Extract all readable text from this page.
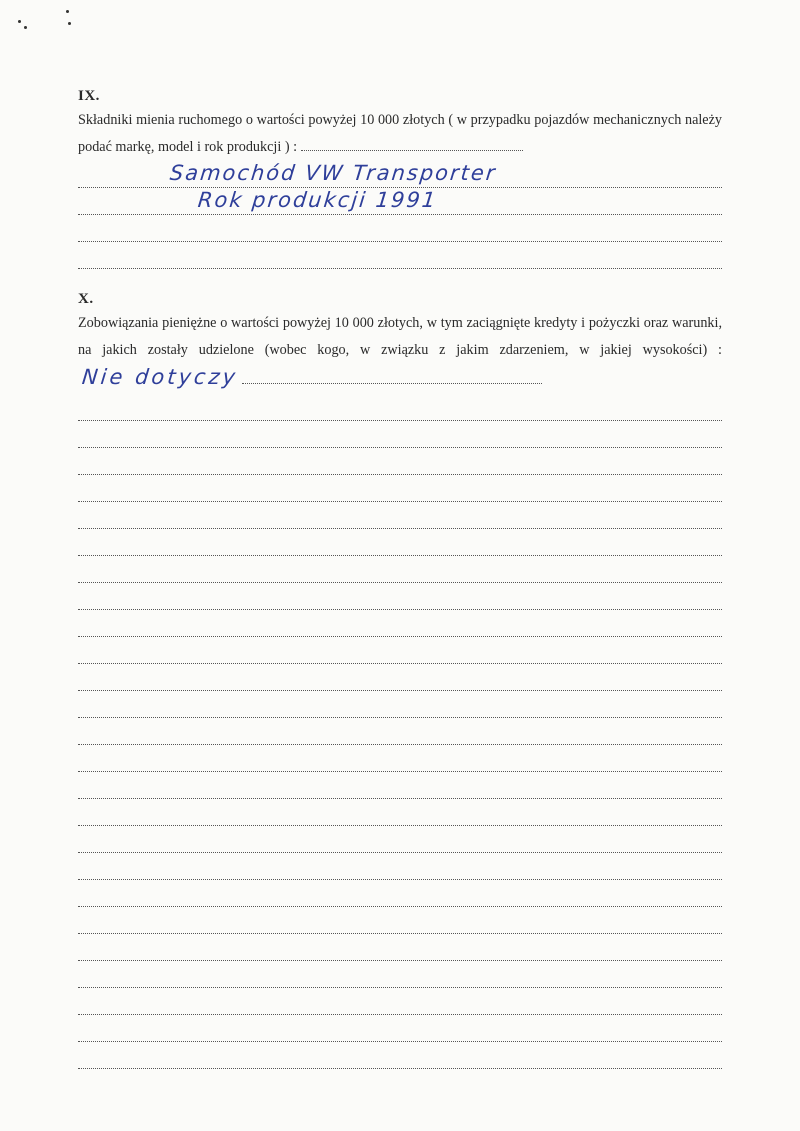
IX.

Składniki mienia ruchomego o wartości powyżej 10 000 złotych ( w przypadku pojazdów mechanicznych należy podać markę, model i rok produkcji ) :

Samochód VW Transporter
Rok produkcji 1991
X.

Zobowiązania pieniężne o wartości powyżej 10 000 złotych, w tym zaciągnięte kredyty i pożyczki oraz warunki, na jakich zostały udzielone (wobec kogo, w związku z jakim zdarzeniem, w jakiej wysokości) :Nie dotyczy
